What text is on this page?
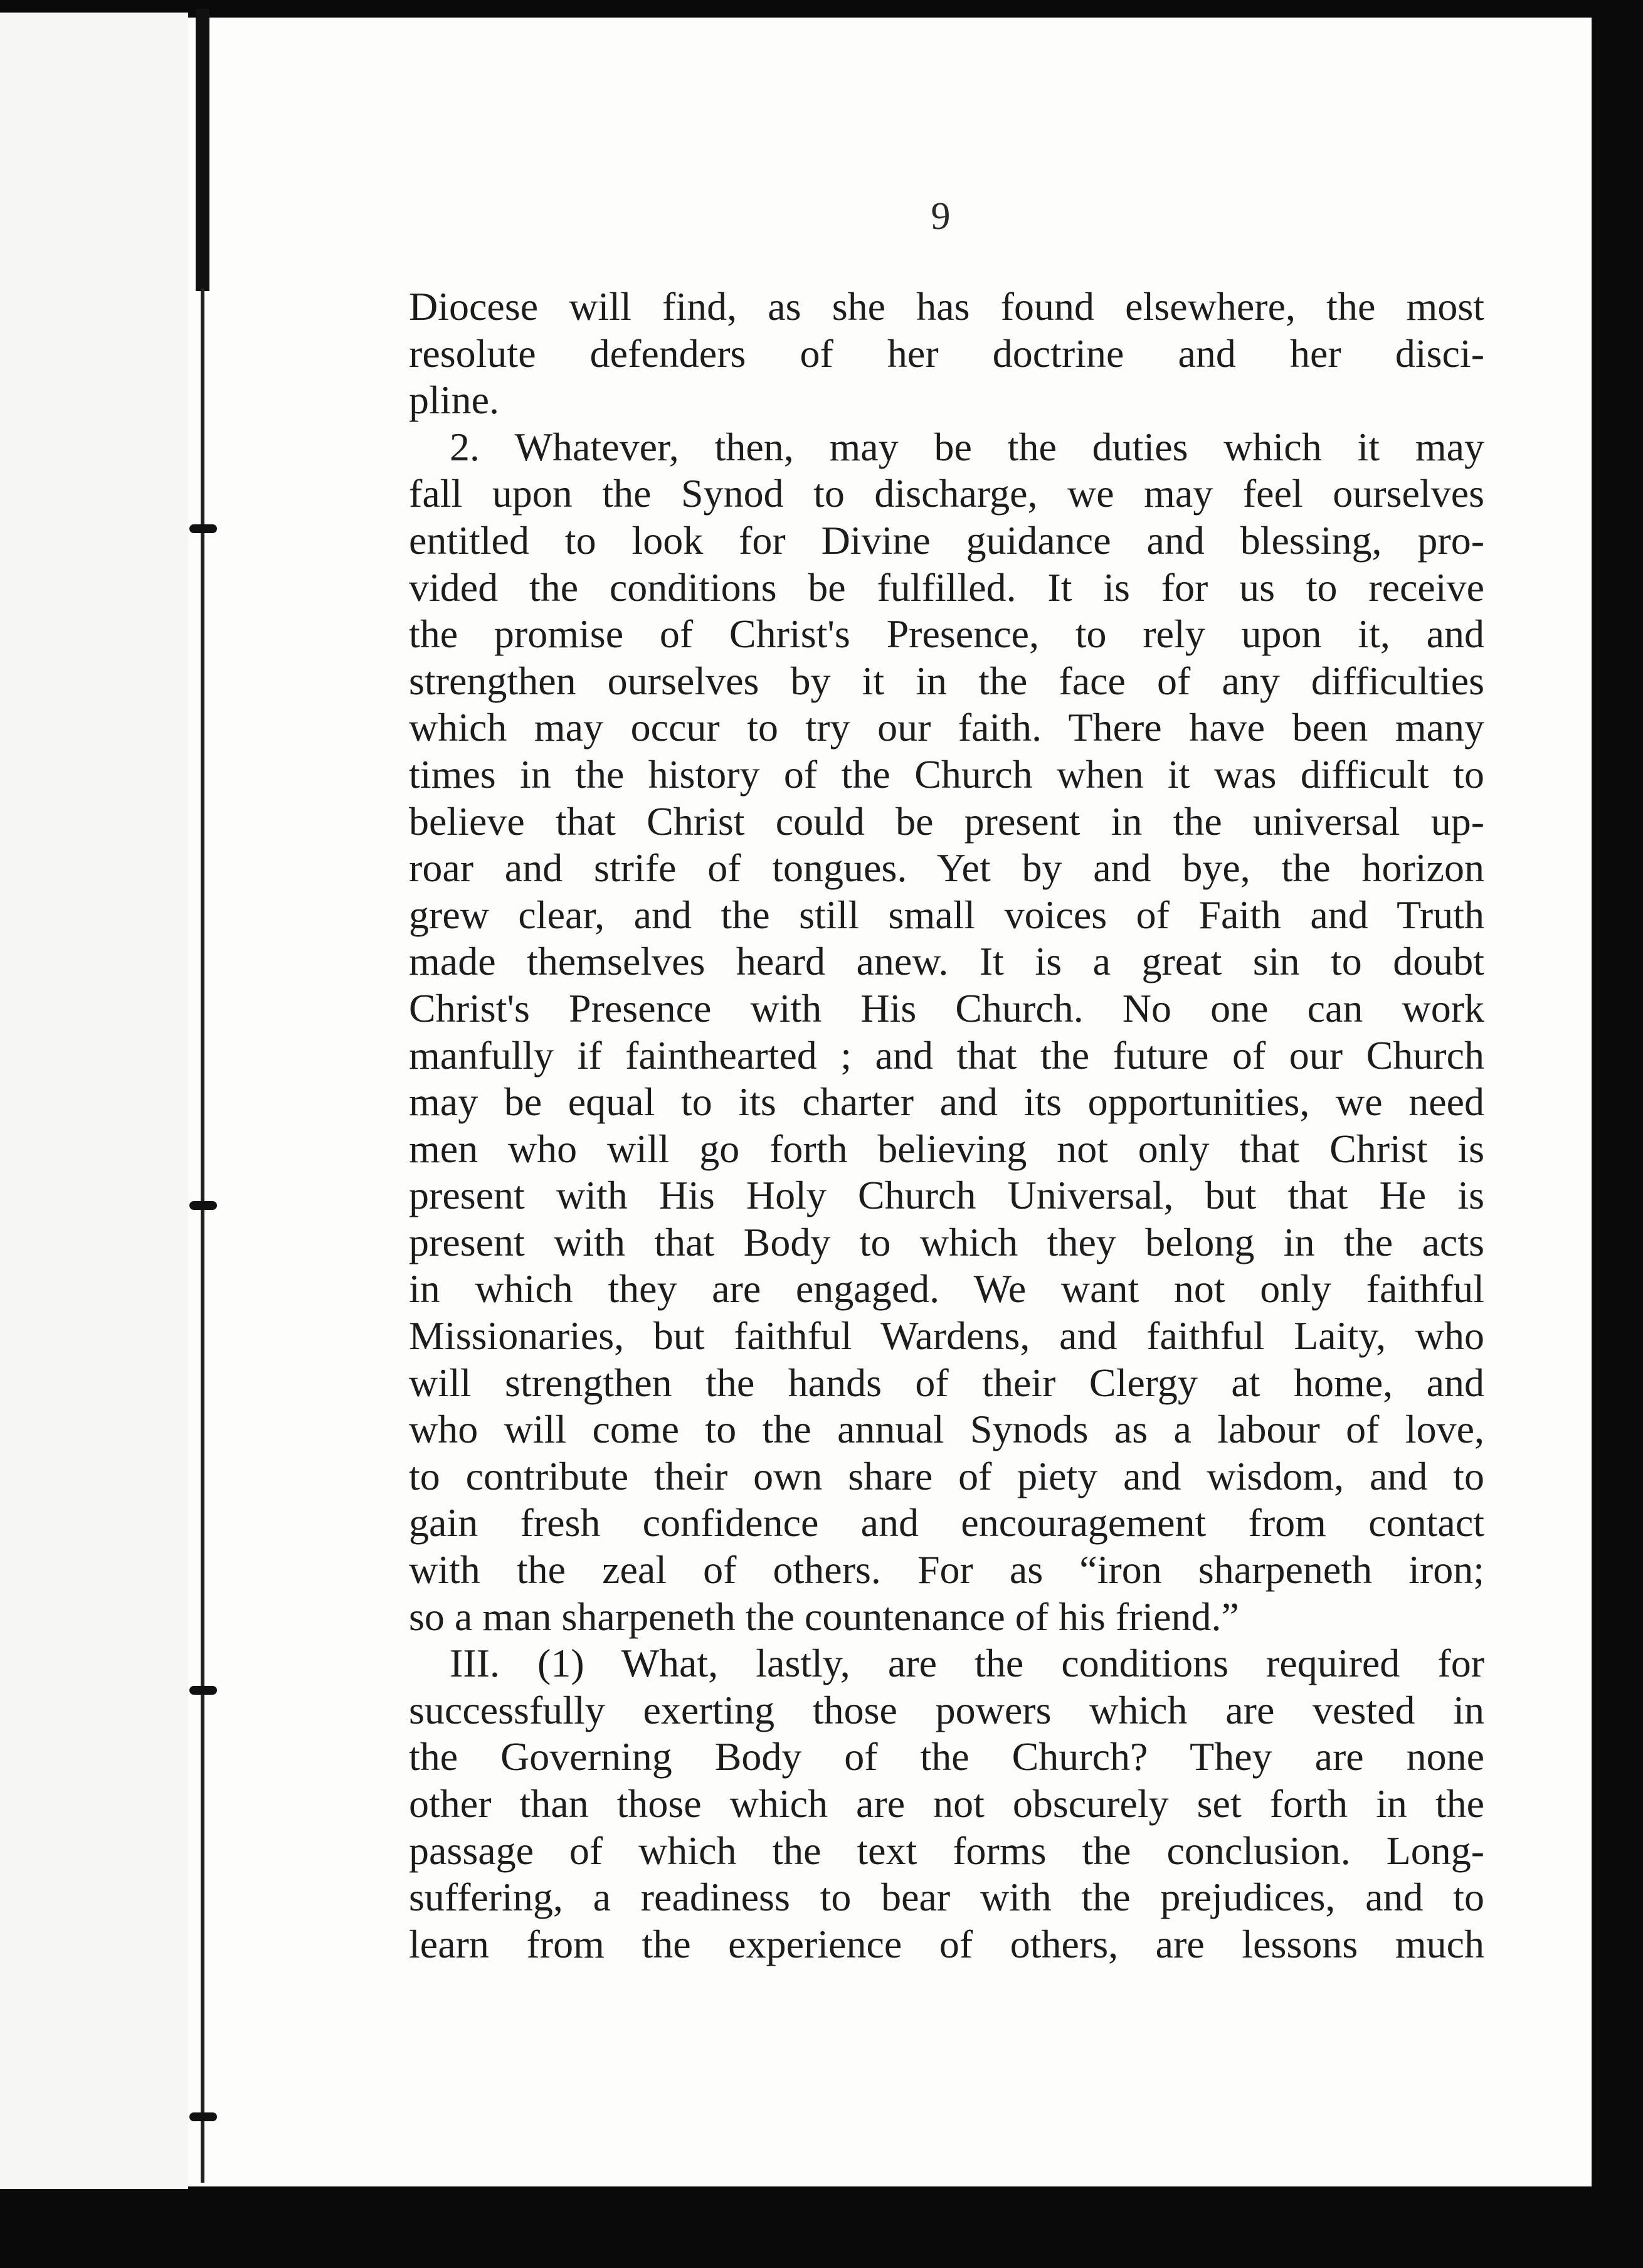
9
Diocese will find, as she has found elsewhere, the most
resolute defenders of her doctrine and her disci-
pline.
2. Whatever, then, may be the duties which it may
fall upon the Synod to discharge, we may feel ourselves
entitled to look for Divine guidance and blessing, pro-
vided the conditions be fulfilled. It is for us to receive
the promise of Christ's Presence, to rely upon it, and
strengthen ourselves by it in the face of any difficulties
which may occur to try our faith. There have been many
times in the history of the Church when it was difficult to
believe that Christ could be present in the universal up-
roar and strife of tongues. Yet by and bye, the horizon
grew clear, and the still small voices of Faith and Truth
made themselves heard anew. It is a great sin to doubt
Christ's Presence with His Church. No one can work
manfully if fainthearted ; and that the future of our Church
may be equal to its charter and its opportunities, we need
men who will go forth believing not only that Christ is
present with His Holy Church Universal, but that He is
present with that Body to which they belong in the acts
in which they are engaged. We want not only faithful
Missionaries, but faithful Wardens, and faithful Laity, who
will strengthen the hands of their Clergy at home, and
who will come to the annual Synods as a labour of love,
to contribute their own share of piety and wisdom, and to
gain fresh confidence and encouragement from contact
with the zeal of others. For as “iron sharpeneth iron;
so a man sharpeneth the countenance of his friend.”
III. (1) What, lastly, are the conditions required for
successfully exerting those powers which are vested in
the Governing Body of the Church? They are none
other than those which are not obscurely set forth in the
passage of which the text forms the conclusion. Long-
suffering, a readiness to bear with the prejudices, and to
learn from the experience of others, are lessons much
